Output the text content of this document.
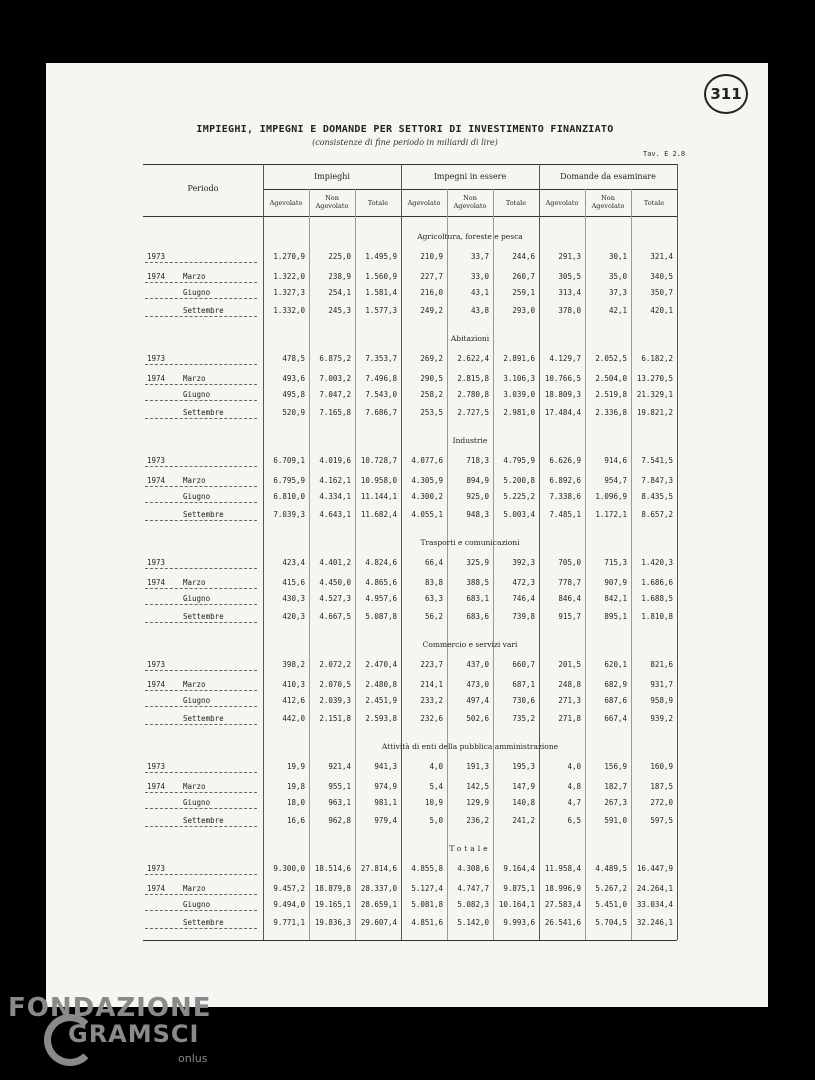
311
IMPIEGHI, IMPEGNI E DOMANDE PER SETTORI DI INVESTIMENTO FINANZIATO
(consistenze di fine periodo in miliardi di lire)
Tav. E 2.8
Periodo
Impieghi	Impegni in essere	Domande da esaminare
Agevolato
Non Agevolato	Totale	Agevolato
Non Agevolato	Totale	Agevolato
Non Agevolato	Totale
Agricoltura, foreste e pesca
1973	1.270,9	225,0	1.495,9	210,9	33,7	244,6	291,3	30,1	321,4
1974 Marzo	1.322,0	238,9	1.560,9	227,7	33,0	260,7	305,5	35,0	340,5
Giugno	1.327,3	254,1	1.581,4	216,0	43,1	259,1	313,4	37,3	350,7
Settembre	1.332,0	245,3	1.577,3	249,2	43,8	293,0	378,0	42,1	420,1
Abitazioni
1973	478,5	6.875,2	7.353,7	269,2	2.622,4	2.891,6	4.129,7	2.052,5	6.182,2
1974 Marzo	493,6	7.003,2	7.496,8	290,5	2.815,8	3.106,3	10.766,5	2.504,0	13.270,5
Giugno	495,8	7.047,2	7.543,0	258,2	2.780,8	3.039,0	18.809,3	2.519,8	21.329,1
Settembre	520,9	7.165,8	7.686,7	253,5	2.727,5	2.981,0	17.484,4	2.336,8	19.821,2
Industrie
1973	6.709,1	4.019,6	10.728,7	4.077,6	718,3	4.795,9	6.626,9	914,6	7.541,5
1974 Marzo	6.795,9	4.162,1	10.958,0	4.305,9	894,9	5.200,8	6.892,6	954,7	7.847,3
Giugno	6.810,0	4.334,1	11.144,1	4.300,2	925,0	5.225,2	7.338,6	1.096,9	8.435,5
Settembre	7.039,3	4.643,1	11.682,4	4.055,1	948,3	5.003,4	7.485,1	1.172,1	8.657,2
Trasporti e comunicazioni
1973	423,4	4.401,2	4.824,6	66,4	325,9	392,3	705,0	715,3	1.420,3
1974 Marzo	415,6	4.450,0	4.865,6	83,8	388,5	472,3	778,7	907,9	1.686,6
Giugno	430,3	4.527,3	4.957,6	63,3	683,1	746,4	846,4	842,1	1.688,5
Settembre	420,3	4.667,5	5.087,8	56,2	683,6	739,8	915,7	895,1	1.810,8
Commercio e servizi vari
1973	398,2	2.072,2	2.470,4	223,7	437,0	660,7	201,5	620,1	821,6
1974 Marzo	410,3	2.070,5	2.480,8	214,1	473,0	687,1	248,8	682,9	931,7
Giugno	412,6	2.039,3	2.451,9	233,2	497,4	730,6	271,3	687,6	958,9
Settembre	442,0	2.151,8	2.593,8	232,6	502,6	735,2	271,8	667,4	939,2
Attività di enti della pubblica amministrazione
1973	19,9	921,4	941,3	4,0	191,3	195,3	4,0	156,9	160,9
1974 Marzo	19,8	955,1	974,9	5,4	142,5	147,9	4,8	182,7	187,5
Giugno	18,0	963,1	981,1	10,9	129,9	140,8	4,7	267,3	272,0
Settembre	16,6	962,8	979,4	5,0	236,2	241,2	6,5	591,0	597,5
Totale
1973	9.300,0	18.514,6	27.814,6	4.855,8	4.308,6	9.164,4	11.958,4	4.489,5	16.447,9
1974 Marzo	9.457,2	18.879,8	28.337,0	5.127,4	4.747,7	9.875,1	18.996,9	5.267,2	24.264,1
Giugno	9.494,0	19.165,1	28.659,1	5.081,8	5.082,3	10.164,1	27.583,4	5.451,0	33.034,4
Settembre	9.771,1	19.836,3	29.607,4	4.851,6	5.142,0	9.993,6	26.541,6	5.704,5	32.246,1
FONDAZIONE
GRAMSCI
onlus
